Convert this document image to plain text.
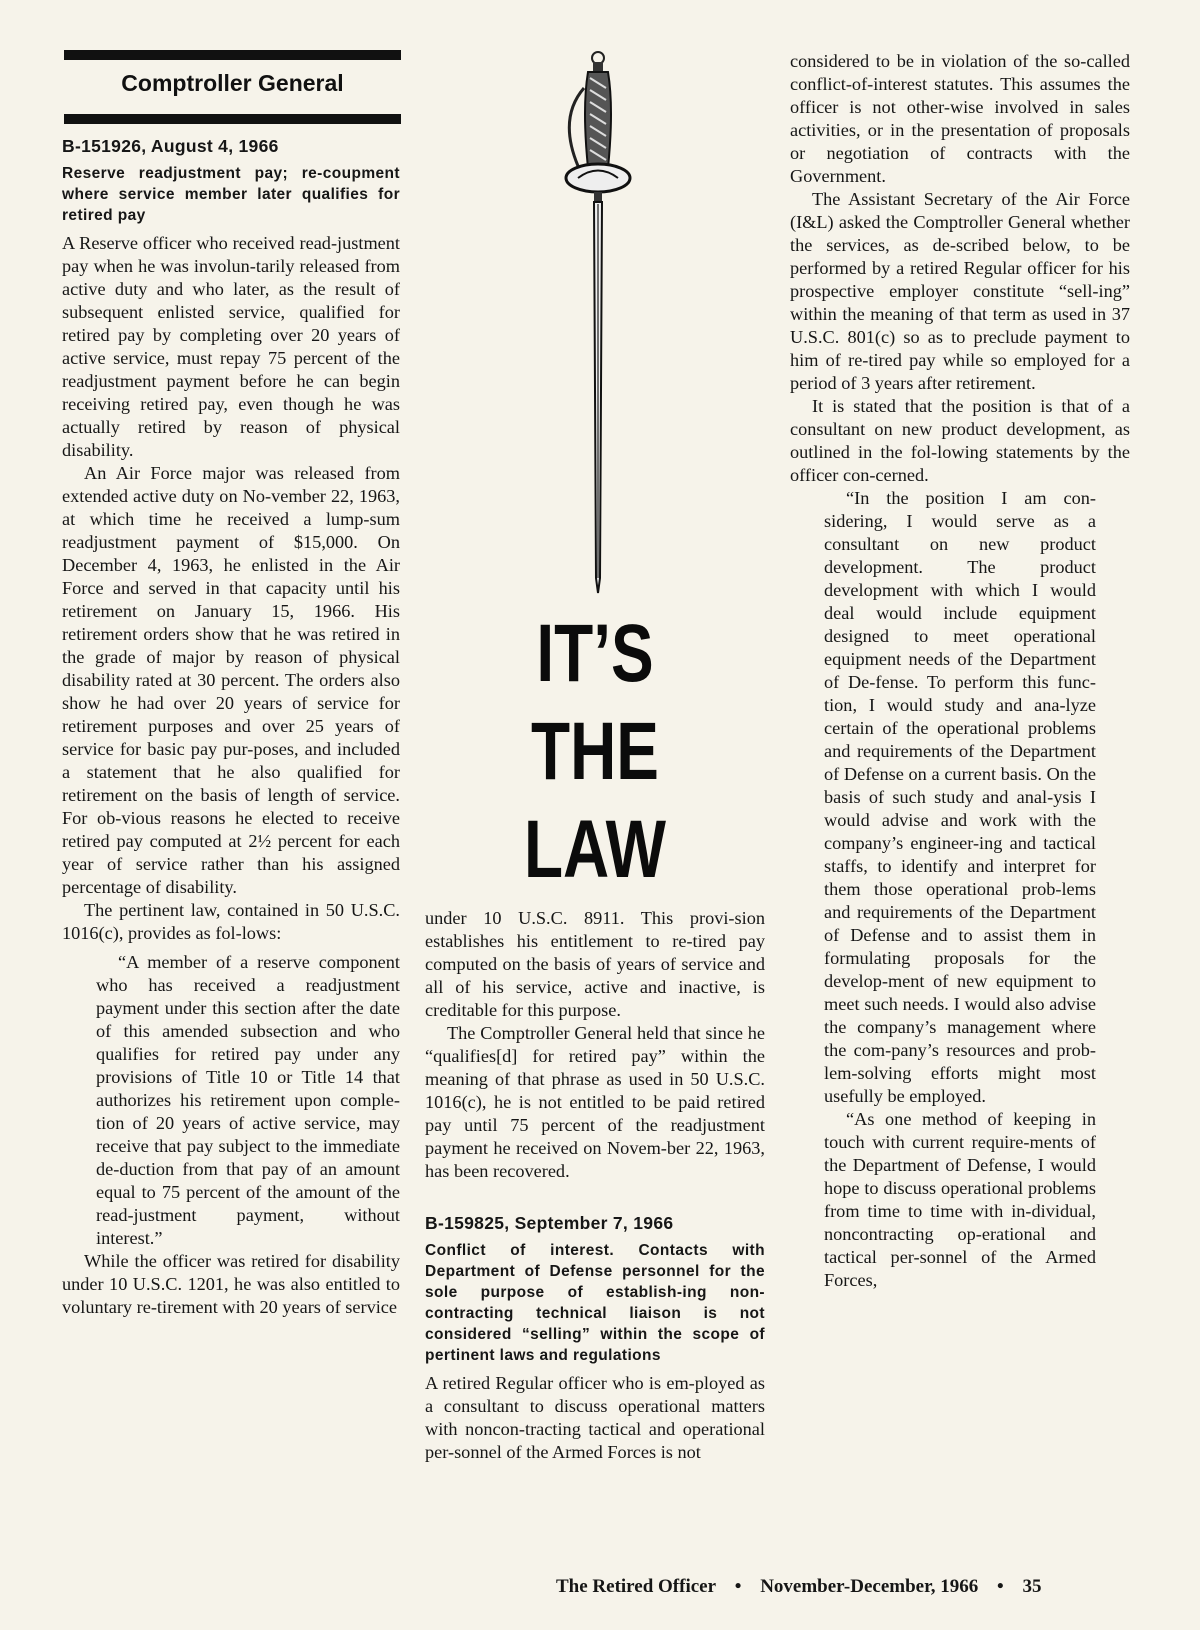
Comptroller General
B-151926, August 4, 1966
Reserve readjustment pay; re-coupment where service member later qualifies for retired pay

A Reserve officer who received read-justment pay when he was involun-tarily released from active duty and who later, as the result of subsequent enlisted service, qualified for retired pay by completing over 20 years of active service, must repay 75 percent of the readjustment payment before he can begin receiving retired pay, even though he was actually retired by reason of physical disability.

An Air Force major was released from extended active duty on No-vember 22, 1963, at which time he received a lump-sum readjustment payment of $15,000. On December 4, 1963, he enlisted in the Air Force and served in that capacity until his retirement on January 15, 1966. His retirement orders show that he was retired in the grade of major by reason of physical disability rated at 30 percent. The orders also show he had over 20 years of service for retirement purposes and over 25 years of service for basic pay pur-poses, and included a statement that he also qualified for retirement on the basis of length of service. For ob-vious reasons he elected to receive retired pay computed at 2½ percent for each year of service rather than his assigned percentage of disability.

The pertinent law, contained in 50 U.S.C. 1016(c), provides as fol-lows:

“A member of a reserve component who has received a readjustment payment under this section after the date of this amended subsection and who qualifies for retired pay under any provisions of Title 10 or Title 14 that authorizes his retirement upon comple-tion of 20 years of active service, may receive that pay subject to the immediate de-duction from that pay of an amount equal to 75 percent of the amount of the read-justment payment, without interest.”

While the officer was retired for disability under 10 U.S.C. 1201, he was also entitled to voluntary re-tirement with 20 years of service

IT’S
THE
LAW

under 10 U.S.C. 8911. This provi-sion establishes his entitlement to re-tired pay computed on the basis of years of service and all of his service, active and inactive, is creditable for this purpose.

The Comptroller General held that since he “qualifies[d] for retired pay” within the meaning of that phrase as used in 50 U.S.C. 1016(c), he is not entitled to be paid retired pay until 75 percent of the readjustment payment he received on Novem-ber 22, 1963, has been recovered.

B-159825, September 7, 1966
Conflict of interest. Contacts with Department of Defense personnel for the sole purpose of establish-ing non-contracting technical liaison is not considered “selling” within the scope of pertinent laws and regulations

A retired Regular officer who is em-ployed as a consultant to discuss operational matters with noncon-tracting tactical and operational per-sonnel of the Armed Forces is not

considered to be in violation of the so-called conflict-of-interest statutes. This assumes the officer is not other-wise involved in sales activities, or in the presentation of proposals or negotiation of contracts with the Government.

The Assistant Secretary of the Air Force (I&L) asked the Comptroller General whether the services, as de-scribed below, to be performed by a retired Regular officer for his prospective employer constitute “sell-ing” within the meaning of that term as used in 37 U.S.C. 801(c) so as to preclude payment to him of re-tired pay while so employed for a period of 3 years after retirement.

It is stated that the position is that of a consultant on new product development, as outlined in the fol-lowing statements by the officer con-cerned.

“In the position I am con-sidering, I would serve as a consultant on new product development. The product development with which I would deal would include equipment designed to meet operational equipment needs of the Department of De-fense. To perform this func-tion, I would study and ana-lyze certain of the operational problems and requirements of the Department of Defense on a current basis. On the basis of such study and anal-ysis I would advise and work with the company’s engineer-ing and tactical staffs, to identify and interpret for them those operational prob-lems and requirements of the Department of Defense and to assist them in formulating proposals for the develop-ment of new equipment to meet such needs. I would also advise the company’s management where the com-pany’s resources and prob-lem-solving efforts might most usefully be employed.

“As one method of keeping in touch with current require-ments of the Department of Defense, I would hope to discuss operational problems from time to time with in-dividual, noncontracting op-erational and tactical per-sonnel of the Armed Forces,

The Retired Officer • November-December, 1966 • 35
